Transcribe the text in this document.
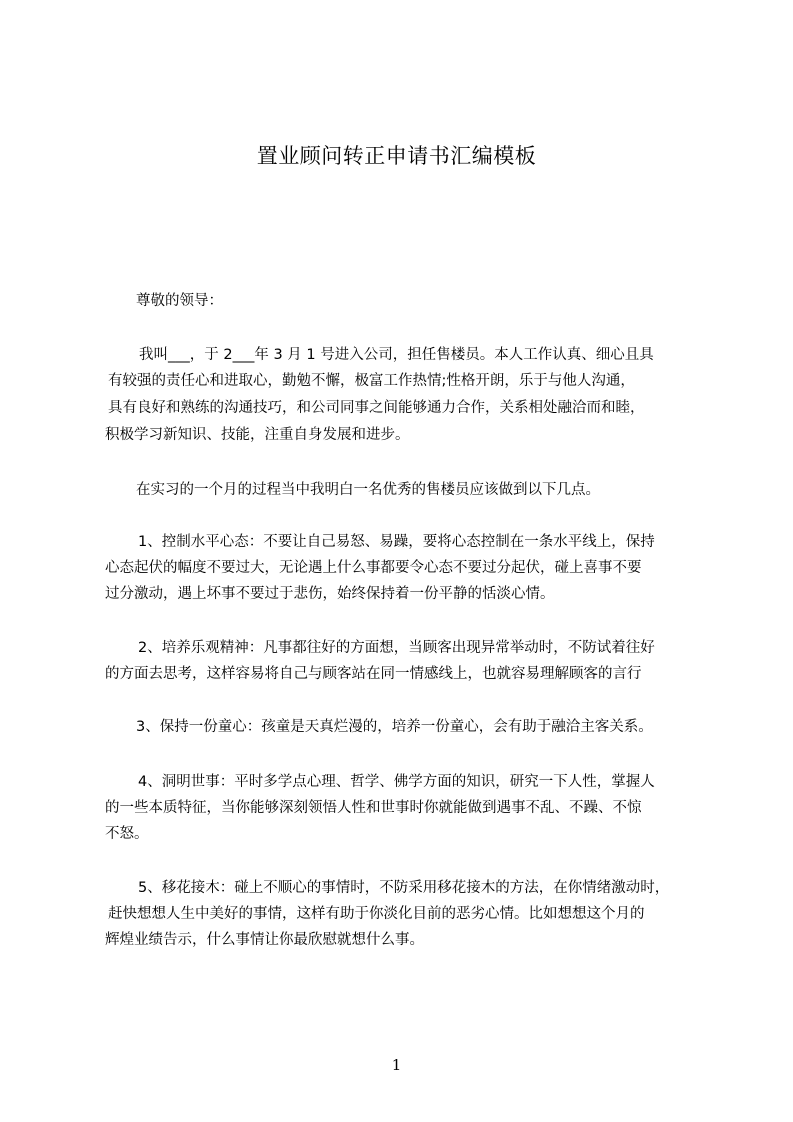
置业顾问转正申请书汇编模板
尊敬的领导：
我叫___，于 2___年 3 月 1 号进入公司，担任售楼员。本人工作认真、细心且具
有较强的责任心和进取心，勤勉不懈，极富工作热情;性格开朗，乐于与他人沟通，
具有良好和熟练的沟通技巧，和公司同事之间能够通力合作，关系相处融洽而和睦，
积极学习新知识、技能，注重自身发展和进步。
在实习的一个月的过程当中我明白一名优秀的售楼员应该做到以下几点。
1、控制水平心态：不要让自己易怒、易躁，要将心态控制在一条水平线上，保持
心态起伏的幅度不要过大，无论遇上什么事都要令心态不要过分起伏，碰上喜事不要
过分激动，遇上坏事不要过于悲伤，始终保持着一份平静的恬淡心情。
2、培养乐观精神：凡事都往好的方面想，当顾客出现异常举动时，不防试着往好
的方面去思考，这样容易将自己与顾客站在同一情感线上，也就容易理解顾客的言行
3、保持一份童心：孩童是天真烂漫的，培养一份童心，会有助于融洽主客关系。
4、洞明世事：平时多学点心理、哲学、佛学方面的知识，研究一下人性，掌握人
的一些本质特征，当你能够深刻领悟人性和世事时你就能做到遇事不乱、不躁、不惊
不怒。
5、移花接木：碰上不顺心的事情时，不防采用移花接木的方法，在你情绪激动时，
赶快想想人生中美好的事情，这样有助于你淡化目前的恶劣心情。比如想想这个月的
辉煌业绩告示，什么事情让你最欣慰就想什么事。
1
